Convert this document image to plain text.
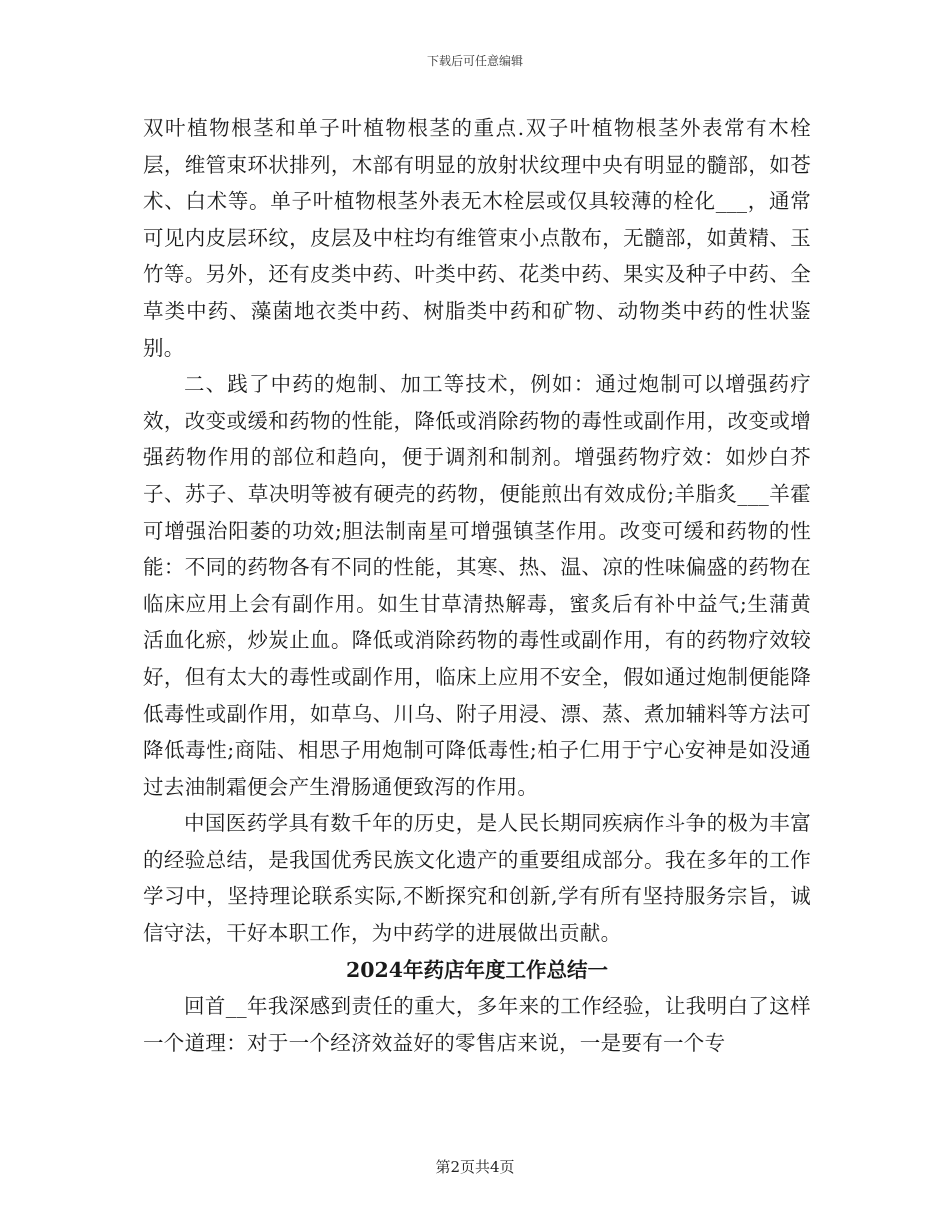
下载后可任意编辑

双叶植物根茎和单子叶植物根茎的重点.双子叶植物根茎外表常有木栓层，维管束环状排列，木部有明显的放射状纹理中央有明显的髓部，如苍术、白术等。单子叶植物根茎外表无木栓层或仅具较薄的栓化___，通常可见内皮层环纹，皮层及中柱均有维管束小点散布，无髓部，如黄精、玉竹等。另外，还有皮类中药、叶类中药、花类中药、果实及种子中药、全草类中药、藻菌地衣类中药、树脂类中药和矿物、动物类中药的性状鉴别。

二、践了中药的炮制、加工等技术，例如：通过炮制可以增强药疗效，改变或缓和药物的性能，降低或消除药物的毒性或副作用，改变或增强药物作用的部位和趋向，便于调剂和制剂。增强药物疗效：如炒白芥子、苏子、草决明等被有硬壳的药物，便能煎出有效成份;羊脂炙___羊霍可增强治阳萎的功效;胆法制南星可增强镇茎作用。改变可缓和药物的性能：不同的药物各有不同的性能，其寒、热、温、凉的性味偏盛的药物在临床应用上会有副作用。如生甘草清热解毒，蜜炙后有补中益气;生蒲黄活血化瘀，炒炭止血。降低或消除药物的毒性或副作用，有的药物疗效较好，但有太大的毒性或副作用，临床上应用不安全，假如通过炮制便能降低毒性或副作用，如草乌、川乌、附子用浸、漂、蒸、煮加辅料等方法可降低毒性;商陆、相思子用炮制可降低毒性;柏子仁用于宁心安神是如没通过去油制霜便会产生滑肠通便致泻的作用。

中国医药学具有数千年的历史，是人民长期同疾病作斗争的极为丰富的经验总结，是我国优秀民族文化遗产的重要组成部分。我在多年的工作学习中，坚持理论联系实际,不断探究和创新,学有所有坚持服务宗旨，诚信守法，干好本职工作，为中药学的进展做出贡献。

2024年药店年度工作总结一

回首__年我深感到责任的重大，多年来的工作经验，让我明白了这样一个道理：对于一个经济效益好的零售店来说，一是要有一个专

第2页共4页
